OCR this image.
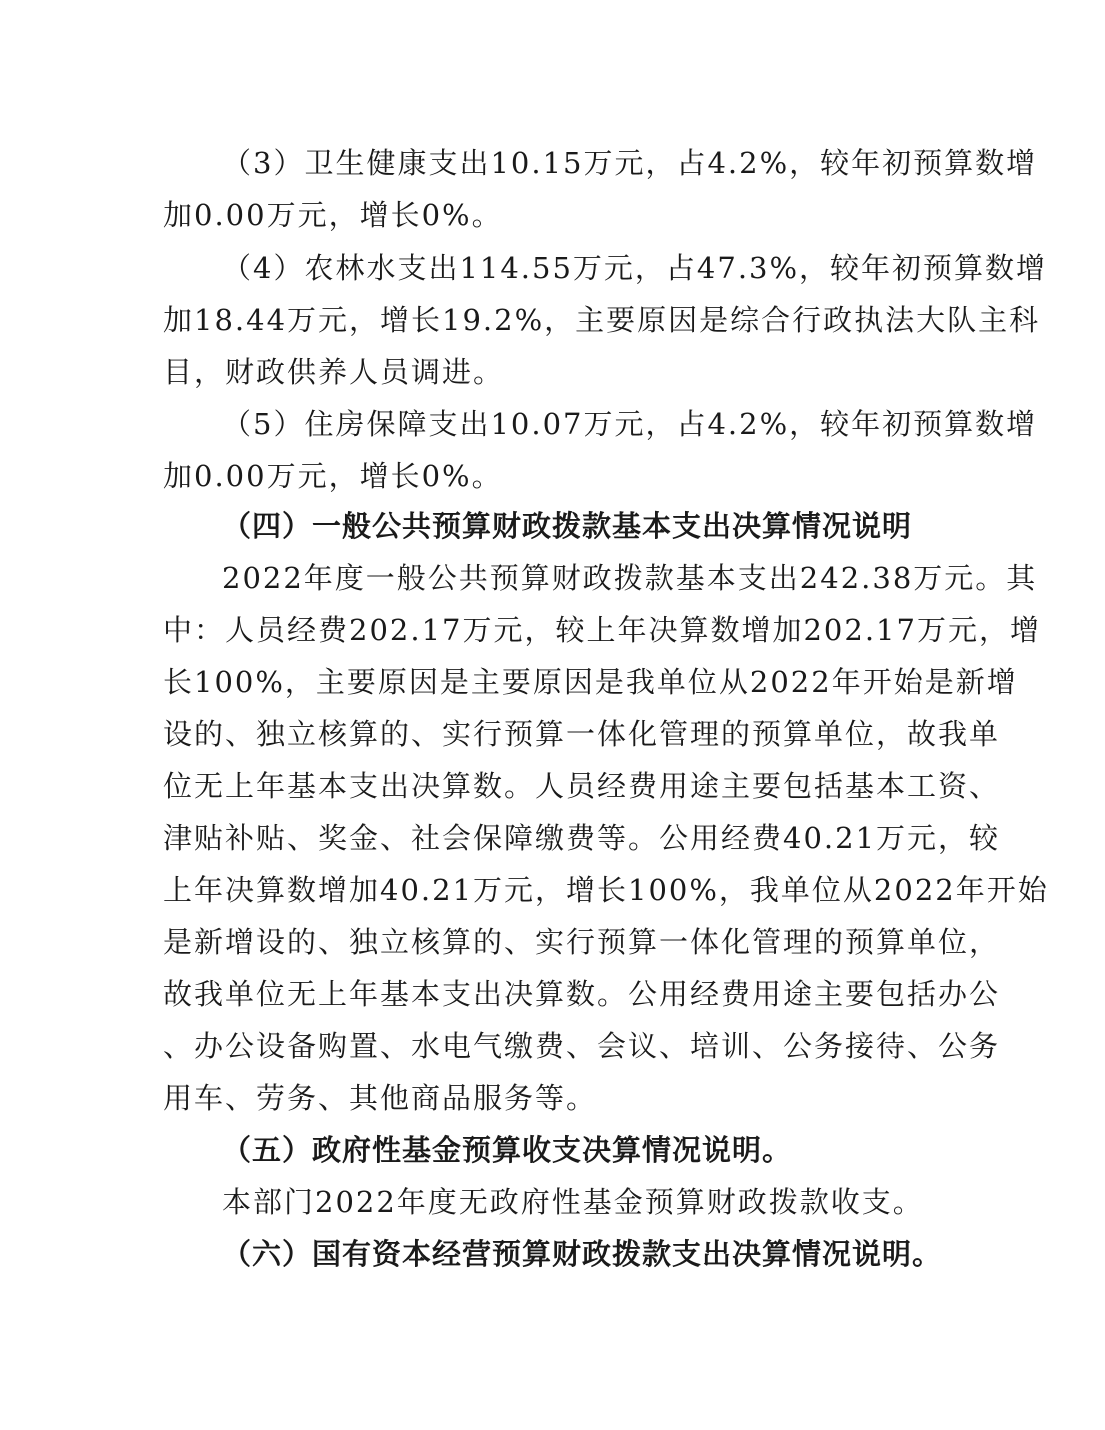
（3）卫生健康支出10.15万元，占4.2%，较年初预算数增
加0.00万元，增长0%。
（4）农林水支出114.55万元，占47.3%，较年初预算数增
加18.44万元，增长19.2%，主要原因是综合行政执法大队主科
目，财政供养人员调进。
（5）住房保障支出10.07万元，占4.2%，较年初预算数增
加0.00万元，增长0%。
（四）一般公共预算财政拨款基本支出决算情况说明
2022年度一般公共预算财政拨款基本支出242.38万元。其
中：人员经费202.17万元，较上年决算数增加202.17万元，增
长100%，主要原因是主要原因是我单位从2022年开始是新增
设的、独立核算的、实行预算一体化管理的预算单位，故我单
位无上年基本支出决算数。人员经费用途主要包括基本工资、
津贴补贴、奖金、社会保障缴费等。公用经费40.21万元，较
上年决算数增加40.21万元，增长100%，我单位从2022年开始
是新增设的、独立核算的、实行预算一体化管理的预算单位，
故我单位无上年基本支出决算数。公用经费用途主要包括办公
、办公设备购置、水电气缴费、会议、培训、公务接待、公务
用车、劳务、其他商品服务等。
（五）政府性基金预算收支决算情况说明。
本部门2022年度无政府性基金预算财政拨款收支。
（六）国有资本经营预算财政拨款支出决算情况说明。
